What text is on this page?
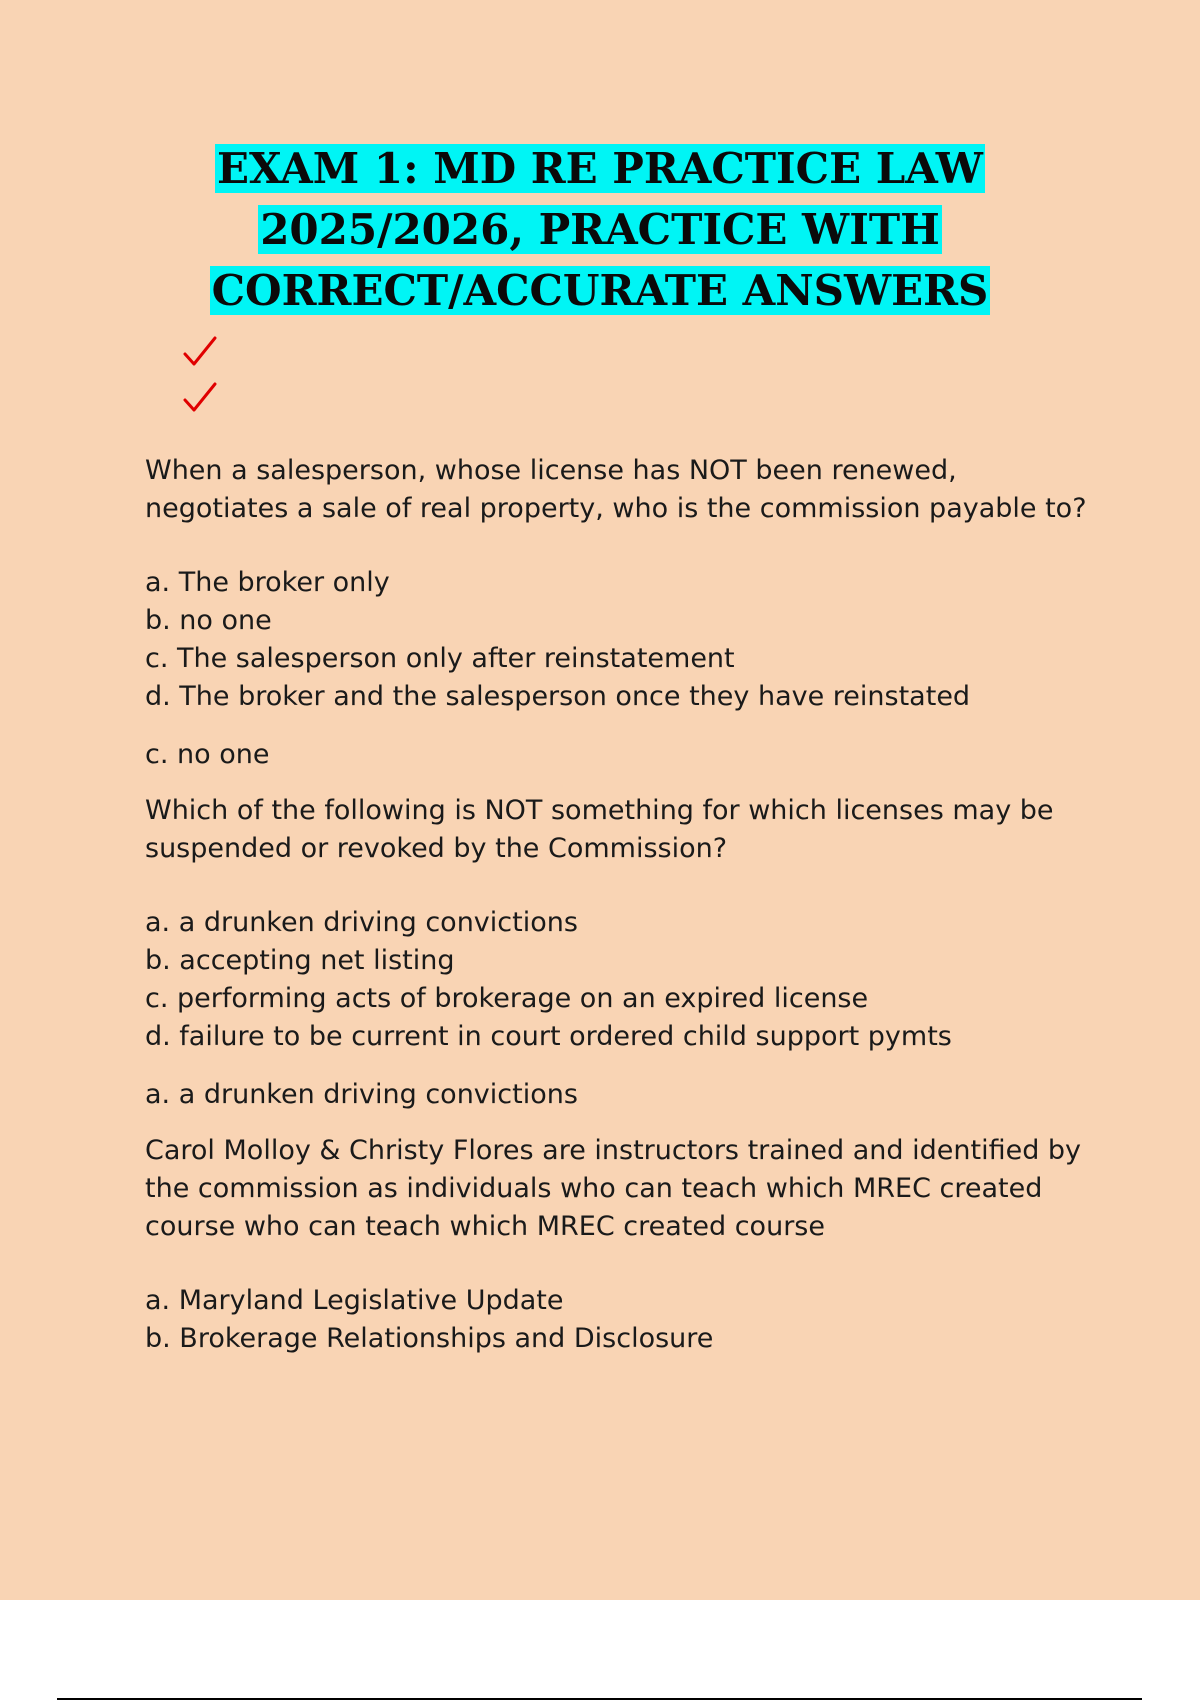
EXAM 1: MD RE PRACTICE LAW
2025/2026, PRACTICE WITH
CORRECT/ACCURATE ANSWERS

When a salesperson, whose license has NOT been renewed, negotiates a sale of real property, who is the commission payable to?

a. The broker only
b. no one
c. The salesperson only after reinstatement
d. The broker and the salesperson once they have reinstated

c. no one

Which of the following is NOT something for which licenses may be suspended or revoked by the Commission?

a. a drunken driving convictions
b. accepting net listing
c. performing acts of brokerage on an expired license
d. failure to be current in court ordered child support pymts

a. a drunken driving convictions

Carol Molloy & Christy Flores are instructors trained and identified by the commission as individuals who can teach which MREC created course who can teach which MREC created course

a. Maryland Legislative Update
b. Brokerage Relationships and Disclosure
